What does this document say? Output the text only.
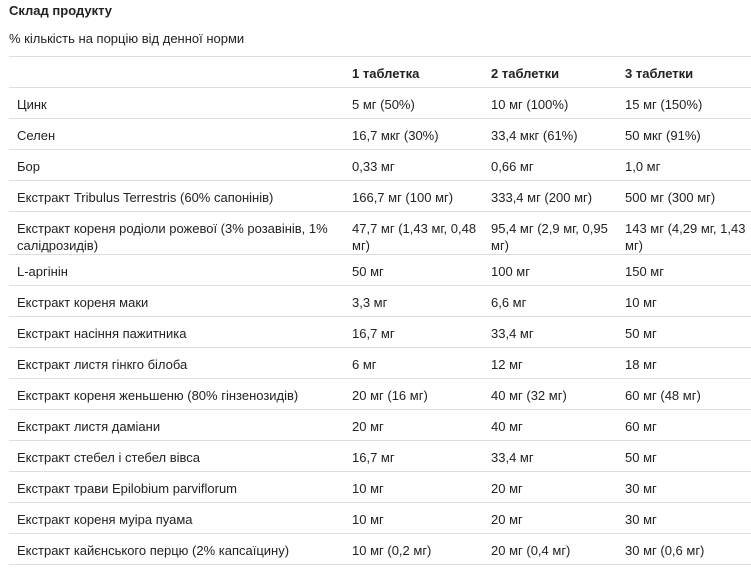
Склад продукту
% кількість на порцію від денної норми
	1 таблетка	2 таблетки	3 таблетки
Цинк	5 мг (50%)	10 мг (100%)	15 мг (150%)
Селен	16,7 мкг (30%)	33,4 мкг (61%)	50 мкг (91%)
Бор	0,33 мг	0,66 мг	1,0 мг
Екстракт Tribulus Terrestris (60% сапонінів)	166,7 мг (100 мг)	333,4 мг (200 мг)	500 мг (300 мг)
Екстракт кореня родіоли рожевої (3% розавінів, 1% салідрозидів)	47,7 мг (1,43 мг, 0,48 мг)	95,4 мг (2,9 мг, 0,95 мг)	143 мг (4,29 мг, 1,43 мг)
L-аргінін	50 мг	100 мг	150 мг
Екстракт кореня маки	3,3 мг	6,6 мг	10 мг
Екстракт насіння пажитника	16,7 мг	33,4 мг	50 мг
Екстракт листя гінкго білоба	6 мг	12 мг	18 мг
Екстракт кореня женьшеню (80% гінзенозидів)	20 мг (16 мг)	40 мг (32 мг)	60 мг (48 мг)
Екстракт листя даміани	20 мг	40 мг	60 мг
Екстракт стебел і стебел вівса	16,7 мг	33,4 мг	50 мг
Екстракт трави Epilobium parviflorum	10 мг	20 мг	30 мг
Екстракт кореня муіра пуама	10 мг	20 мг	30 мг
Екстракт кайєнського перцю (2% капсаїцину)	10 мг (0,2 мг)	20 мг (0,4 мг)	30 мг (0,6 мг)
